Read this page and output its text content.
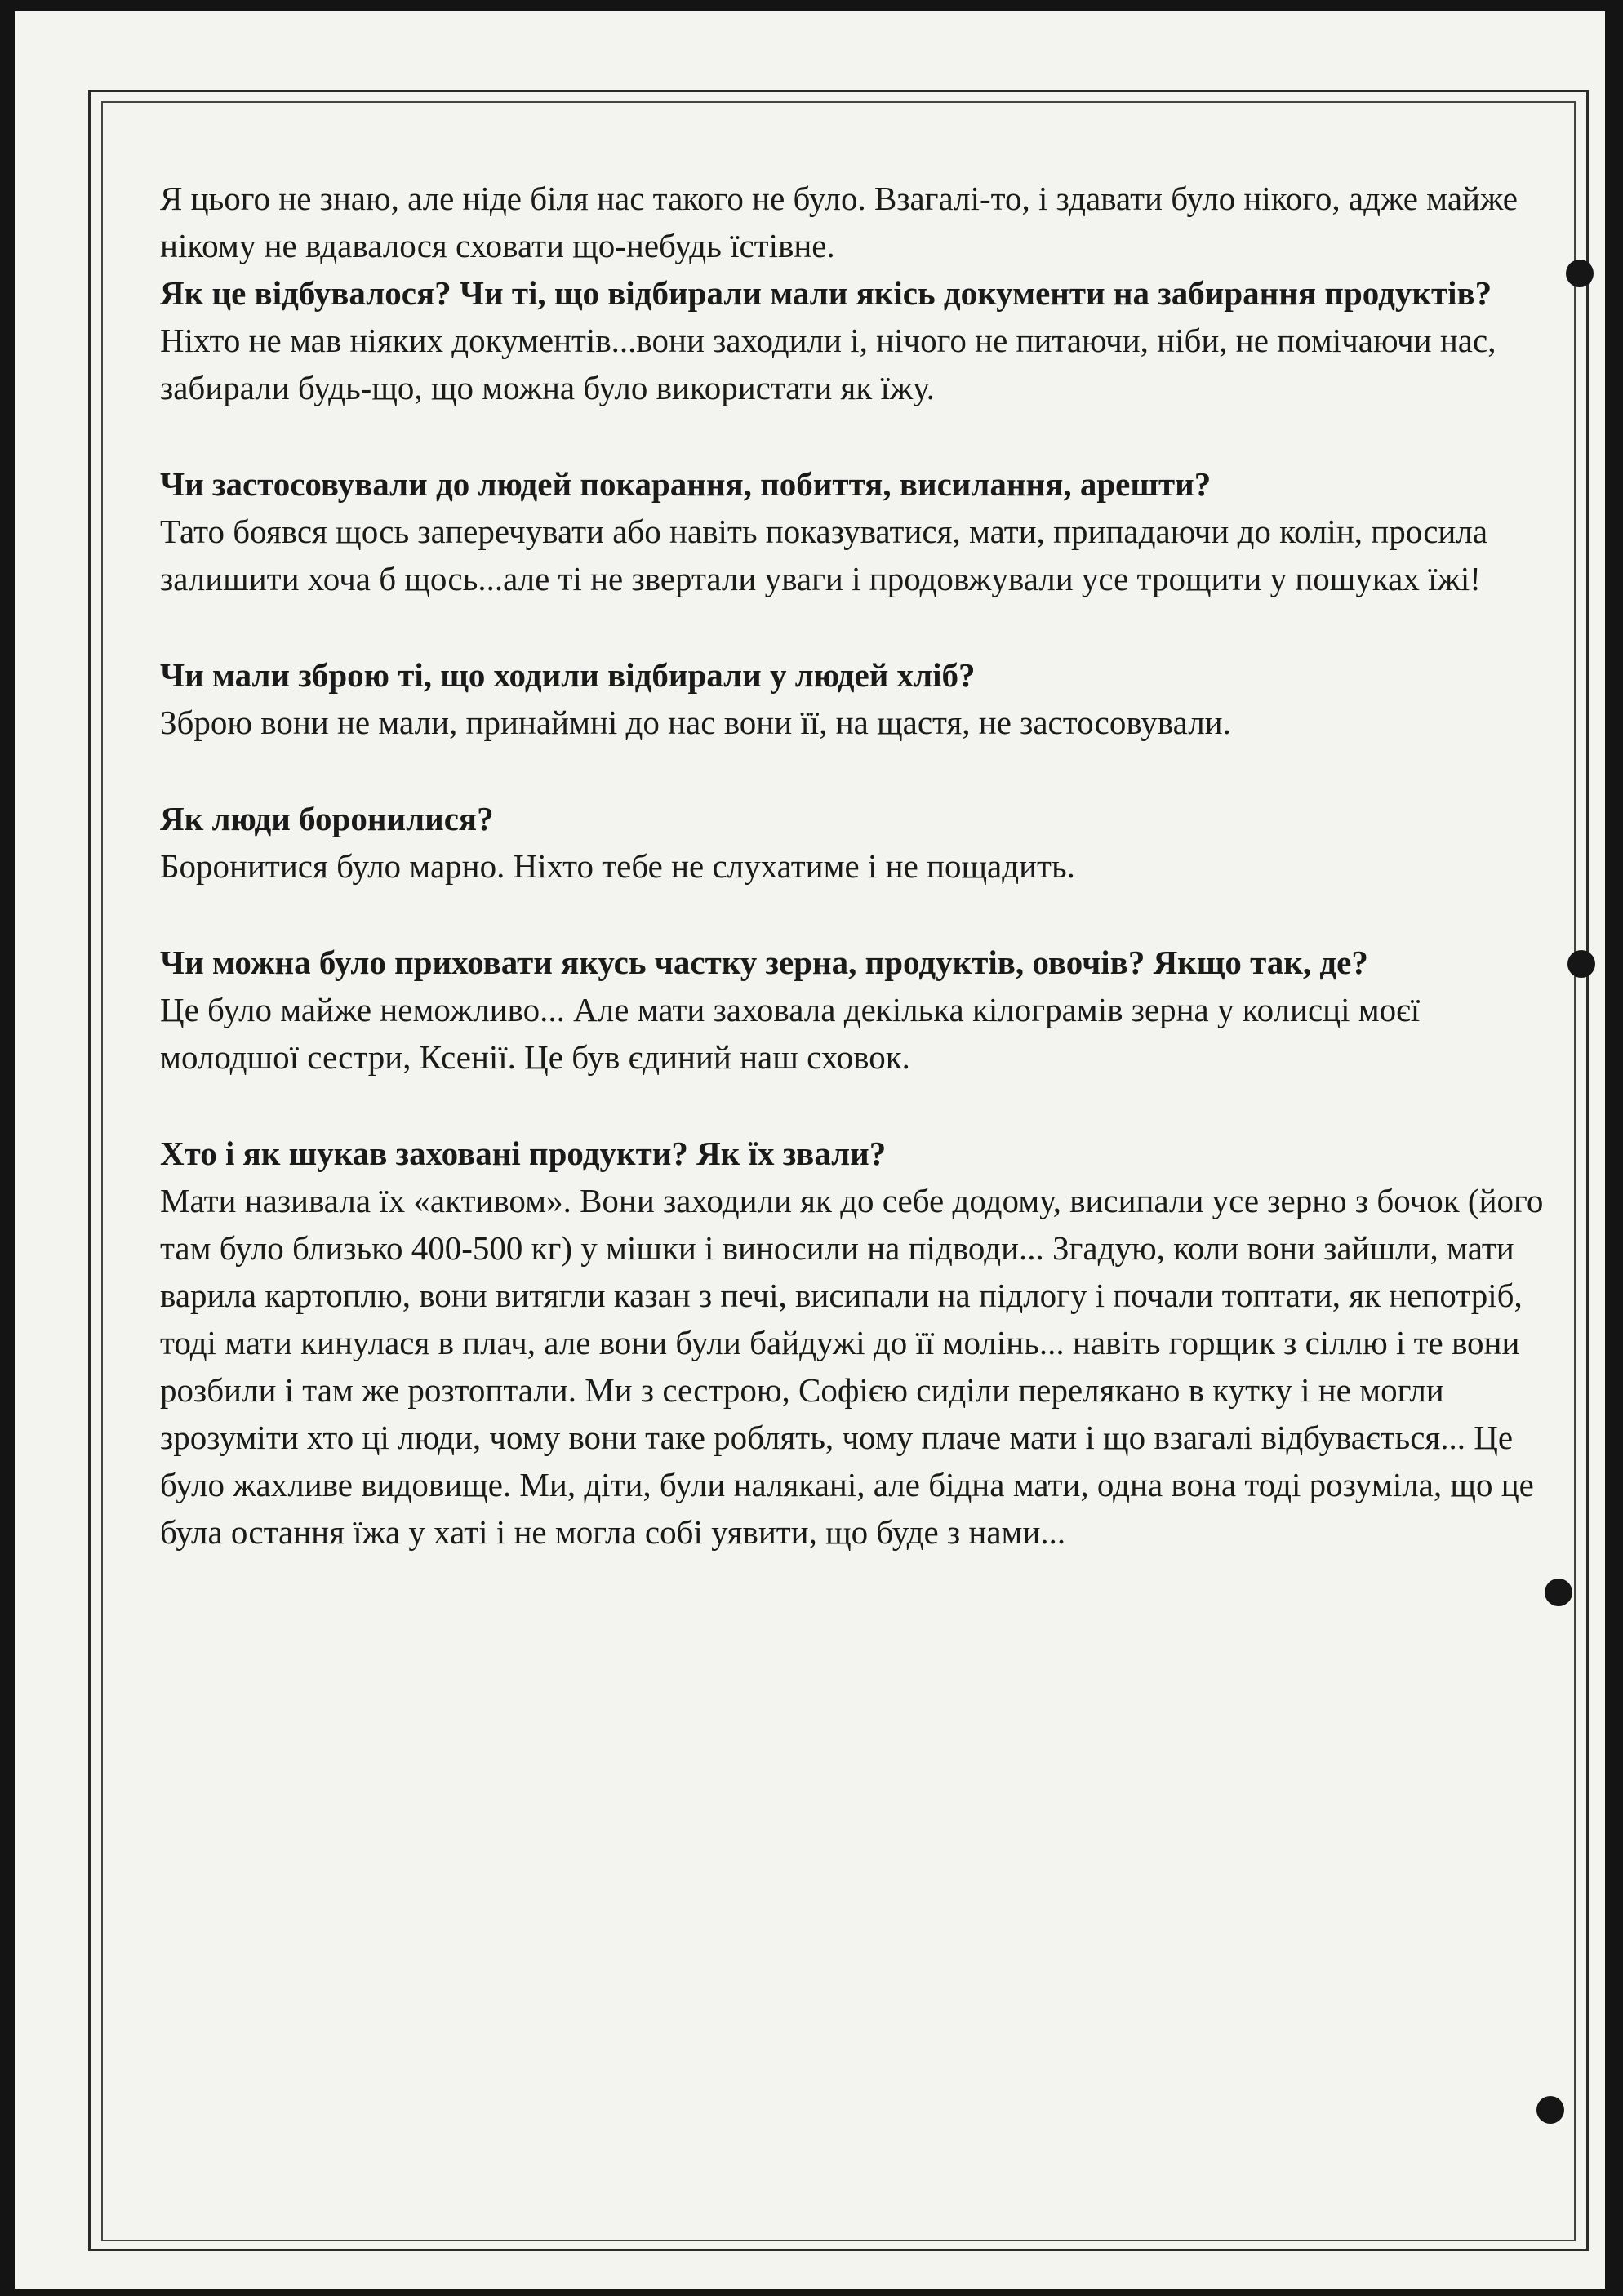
Я цього не знаю, але ніде біля нас такого не було. Взагалі-то, і здавати було нікого, адже майже нікому не вдавалося сховати що-небудь їстівне.

Як це відбувалося? Чи ті, що відбирали мали якісь документи на забирання продуктів?

Ніхто не мав ніяких документів...вони заходили і, нічого не питаючи, ніби, не помічаючи нас, забирали будь-що, що можна було використати як їжу.

Чи застосовували до людей покарання, побиття, висилання, арешти?

Тато боявся щось заперечувати або навіть показуватися, мати, припадаючи до колін, просила залишити хоча б щось...але ті не звертали уваги і продовжували усе трощити у пошуках їжі!

Чи мали зброю ті, що ходили відбирали у людей хліб?

Зброю вони не мали, принаймні до нас вони її, на щастя, не застосовували.

Як люди боронилися?

Боронитися було марно. Ніхто тебе не слухатиме і не пощадить.

Чи можна було приховати якусь частку зерна, продуктів, овочів? Якщо так, де?

Це було майже неможливо... Але мати заховала декілька кілограмів зерна у колисці моєї молодшої сестри, Ксенії. Це був єдиний наш сховок.

Хто і як шукав заховані продукти? Як їх звали?

Мати називала їх «активом». Вони заходили як до себе додому, висипали усе зерно з бочок (його там було близько 400-500 кг) у мішки і виносили на підводи... Згадую, коли вони зайшли, мати варила картоплю, вони витягли казан з печі, висипали на підлогу і почали топтати, як непотріб, тоді мати кинулася в плач, але вони були байдужі до її молінь... навіть горщик з сіллю і те вони розбили і там же розтоптали. Ми з сестрою, Софією сиділи перелякано в кутку і не могли зрозуміти хто ці люди, чому вони таке роблять, чому плаче мати і що взагалі відбувається... Це було жахливе видовище. Ми, діти, були налякані, але бідна мати, одна вона тоді розуміла, що це була остання їжа у хаті і не могла собі уявити, що буде з нами...
